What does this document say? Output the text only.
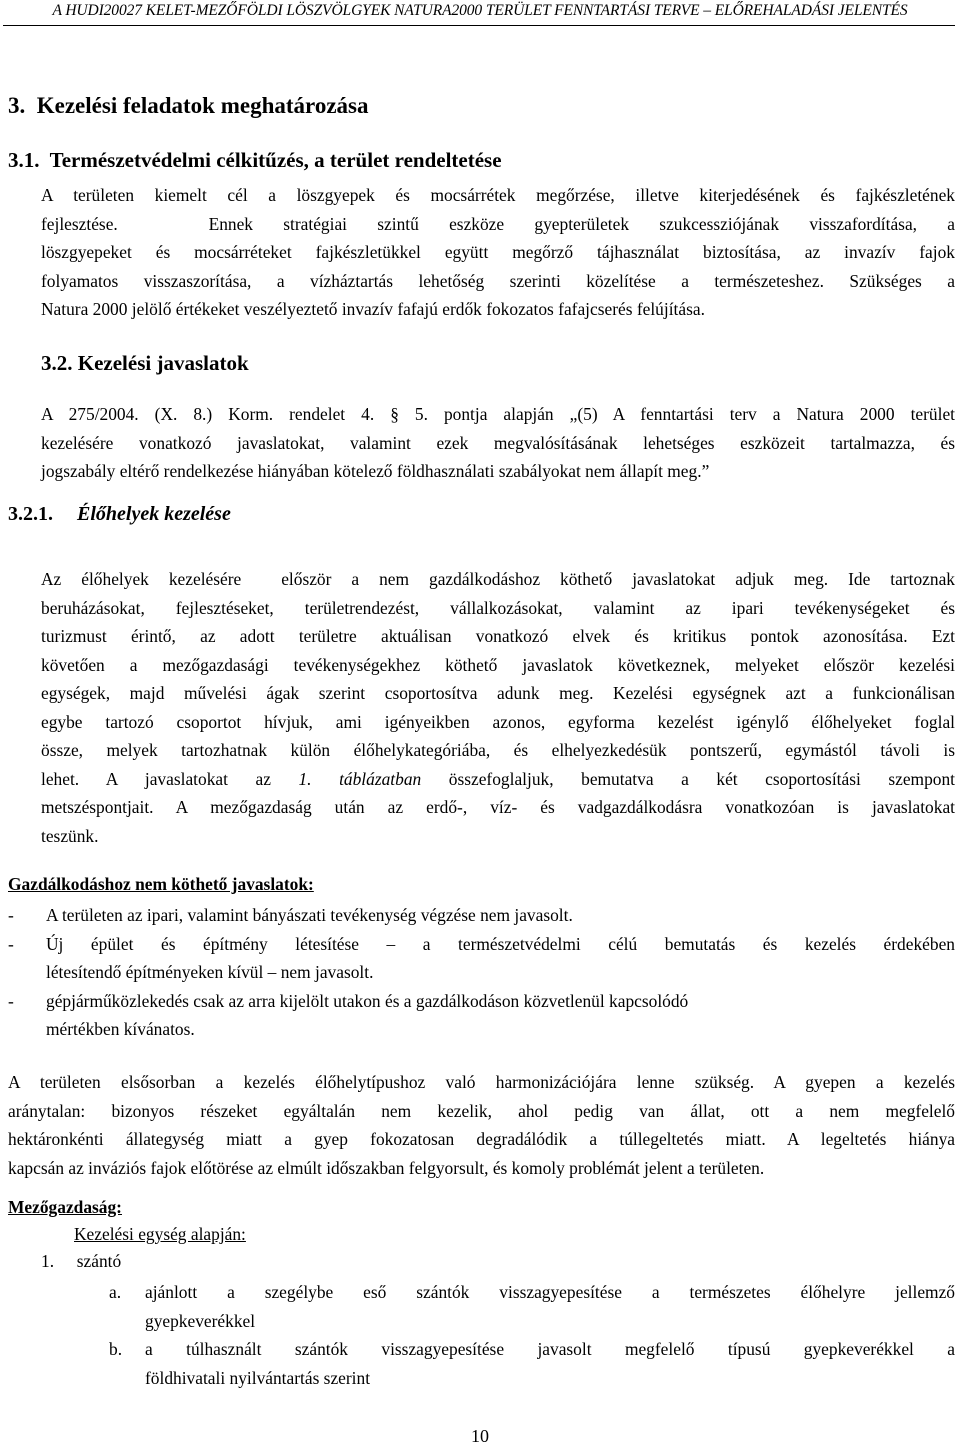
A HUDI20027 KELET-MEZŐFÖLDI LÖSZVÖLGYEK NATURA2000 TERÜLET FENNTARTÁSI TERVE – ELŐREHALADÁSI JELENTÉS
3.  Kezelési feladatok meghatározása
3.1.  Természetvédelmi célkitűzés, a terület rendeltetése
A területen kiemelt cél a löszgyepek és mocsárrétek megőrzése, illetve kiterjedésének és fajkészletének
fejlesztése.   Ennek stratégiai szintű eszköze gyepterületek szukcessziójának visszafordítása, a
löszgyepeket és mocsárréteket fajkészletükkel együtt megőrző tájhasználat biztosítása, az invazív fajok
folyamatos visszaszorítása, a vízháztartás lehetőség szerinti közelítése a természeteshez. Szükséges a
Natura 2000 jelölő értékeket veszélyeztető invazív fafajú erdők fokozatos fafajcserés felújítása.
3.2. Kezelési javaslatok
A 275/2004. (X. 8.) Korm. rendelet 4. § 5. pontja alapján „(5) A fenntartási terv a Natura 2000 terület
kezelésére vonatkozó javaslatokat, valamint ezek megvalósításának lehetséges eszközeit tartalmazza, és
jogszabály eltérő rendelkezése hiányában kötelező földhasználati szabályokat nem állapít meg.”
3.2.1. Élőhelyek kezelése
Az élőhelyek kezelésére  először a nem gazdálkodáshoz köthető javaslatokat adjuk meg. Ide tartoznak
beruházásokat, fejlesztéseket, területrendezést, vállalkozásokat, valamint az ipari tevékenységeket és
turizmust érintő, az adott területre aktuálisan vonatkozó elvek és kritikus pontok azonosítása. Ezt
követően a mezőgazdasági tevékenységekhez köthető javaslatok következnek, melyeket először kezelési
egységek, majd művelési ágak szerint csoportosítva adunk meg. Kezelési egységnek azt a funkcionálisan
egybe tartozó csoportot hívjuk, ami igényeikben azonos, egyforma kezelést igénylő élőhelyeket foglal
össze, melyek tartozhatnak külön élőhelykategóriába, és elhelyezkedésük pontszerű, egymástól távoli is
lehet. A javaslatokat az 1. táblázatban összefoglaljuk, bemutatva a két csoportosítási szempont
metszéspontjait. A mezőgazdaság után az erdő-, víz- és vadgazdálkodásra vonatkozóan is javaslatokat
teszünk.
Gazdálkodáshoz nem köthető javaslatok:
-	A területen az ipari, valamint bányászati tevékenység végzése nem javasolt.
-	Új épület és építmény létesítése – a természetvédelmi célú bemutatás és kezelés érdekében
létesítendő építményeken kívül – nem javasolt.
-	gépjárműközlekedés csak az arra kijelölt utakon és a gazdálkodáson közvetlenül kapcsolódó
mértékben kívánatos.
A területen elsősorban a kezelés élőhelytípushoz való harmonizációjára lenne szükség. A gyepen a kezelés
aránytalan: bizonyos részeket egyáltalán nem kezelik, ahol pedig van állat, ott a nem megfelelő
hektáronkénti állategység miatt a gyep fokozatosan degradálódik a túllegeltetés miatt. A legeltetés hiánya
kapcsán az inváziós fajok előtörése az elmúlt időszakban felgyorsult, és komoly problémát jelent a területen.
Mezőgazdaság:
Kezelési egység alapján:
1. szántó
a.	ajánlott a szegélybe eső szántók visszagyepesítése a természetes élőhelyre jellemző
gyepkeverékkel
b.	a túlhasznált szántók visszagyepesítése javasolt megfelelő típusú gyepkeverékkel a
földhivatali nyilvántartás szerint
10
